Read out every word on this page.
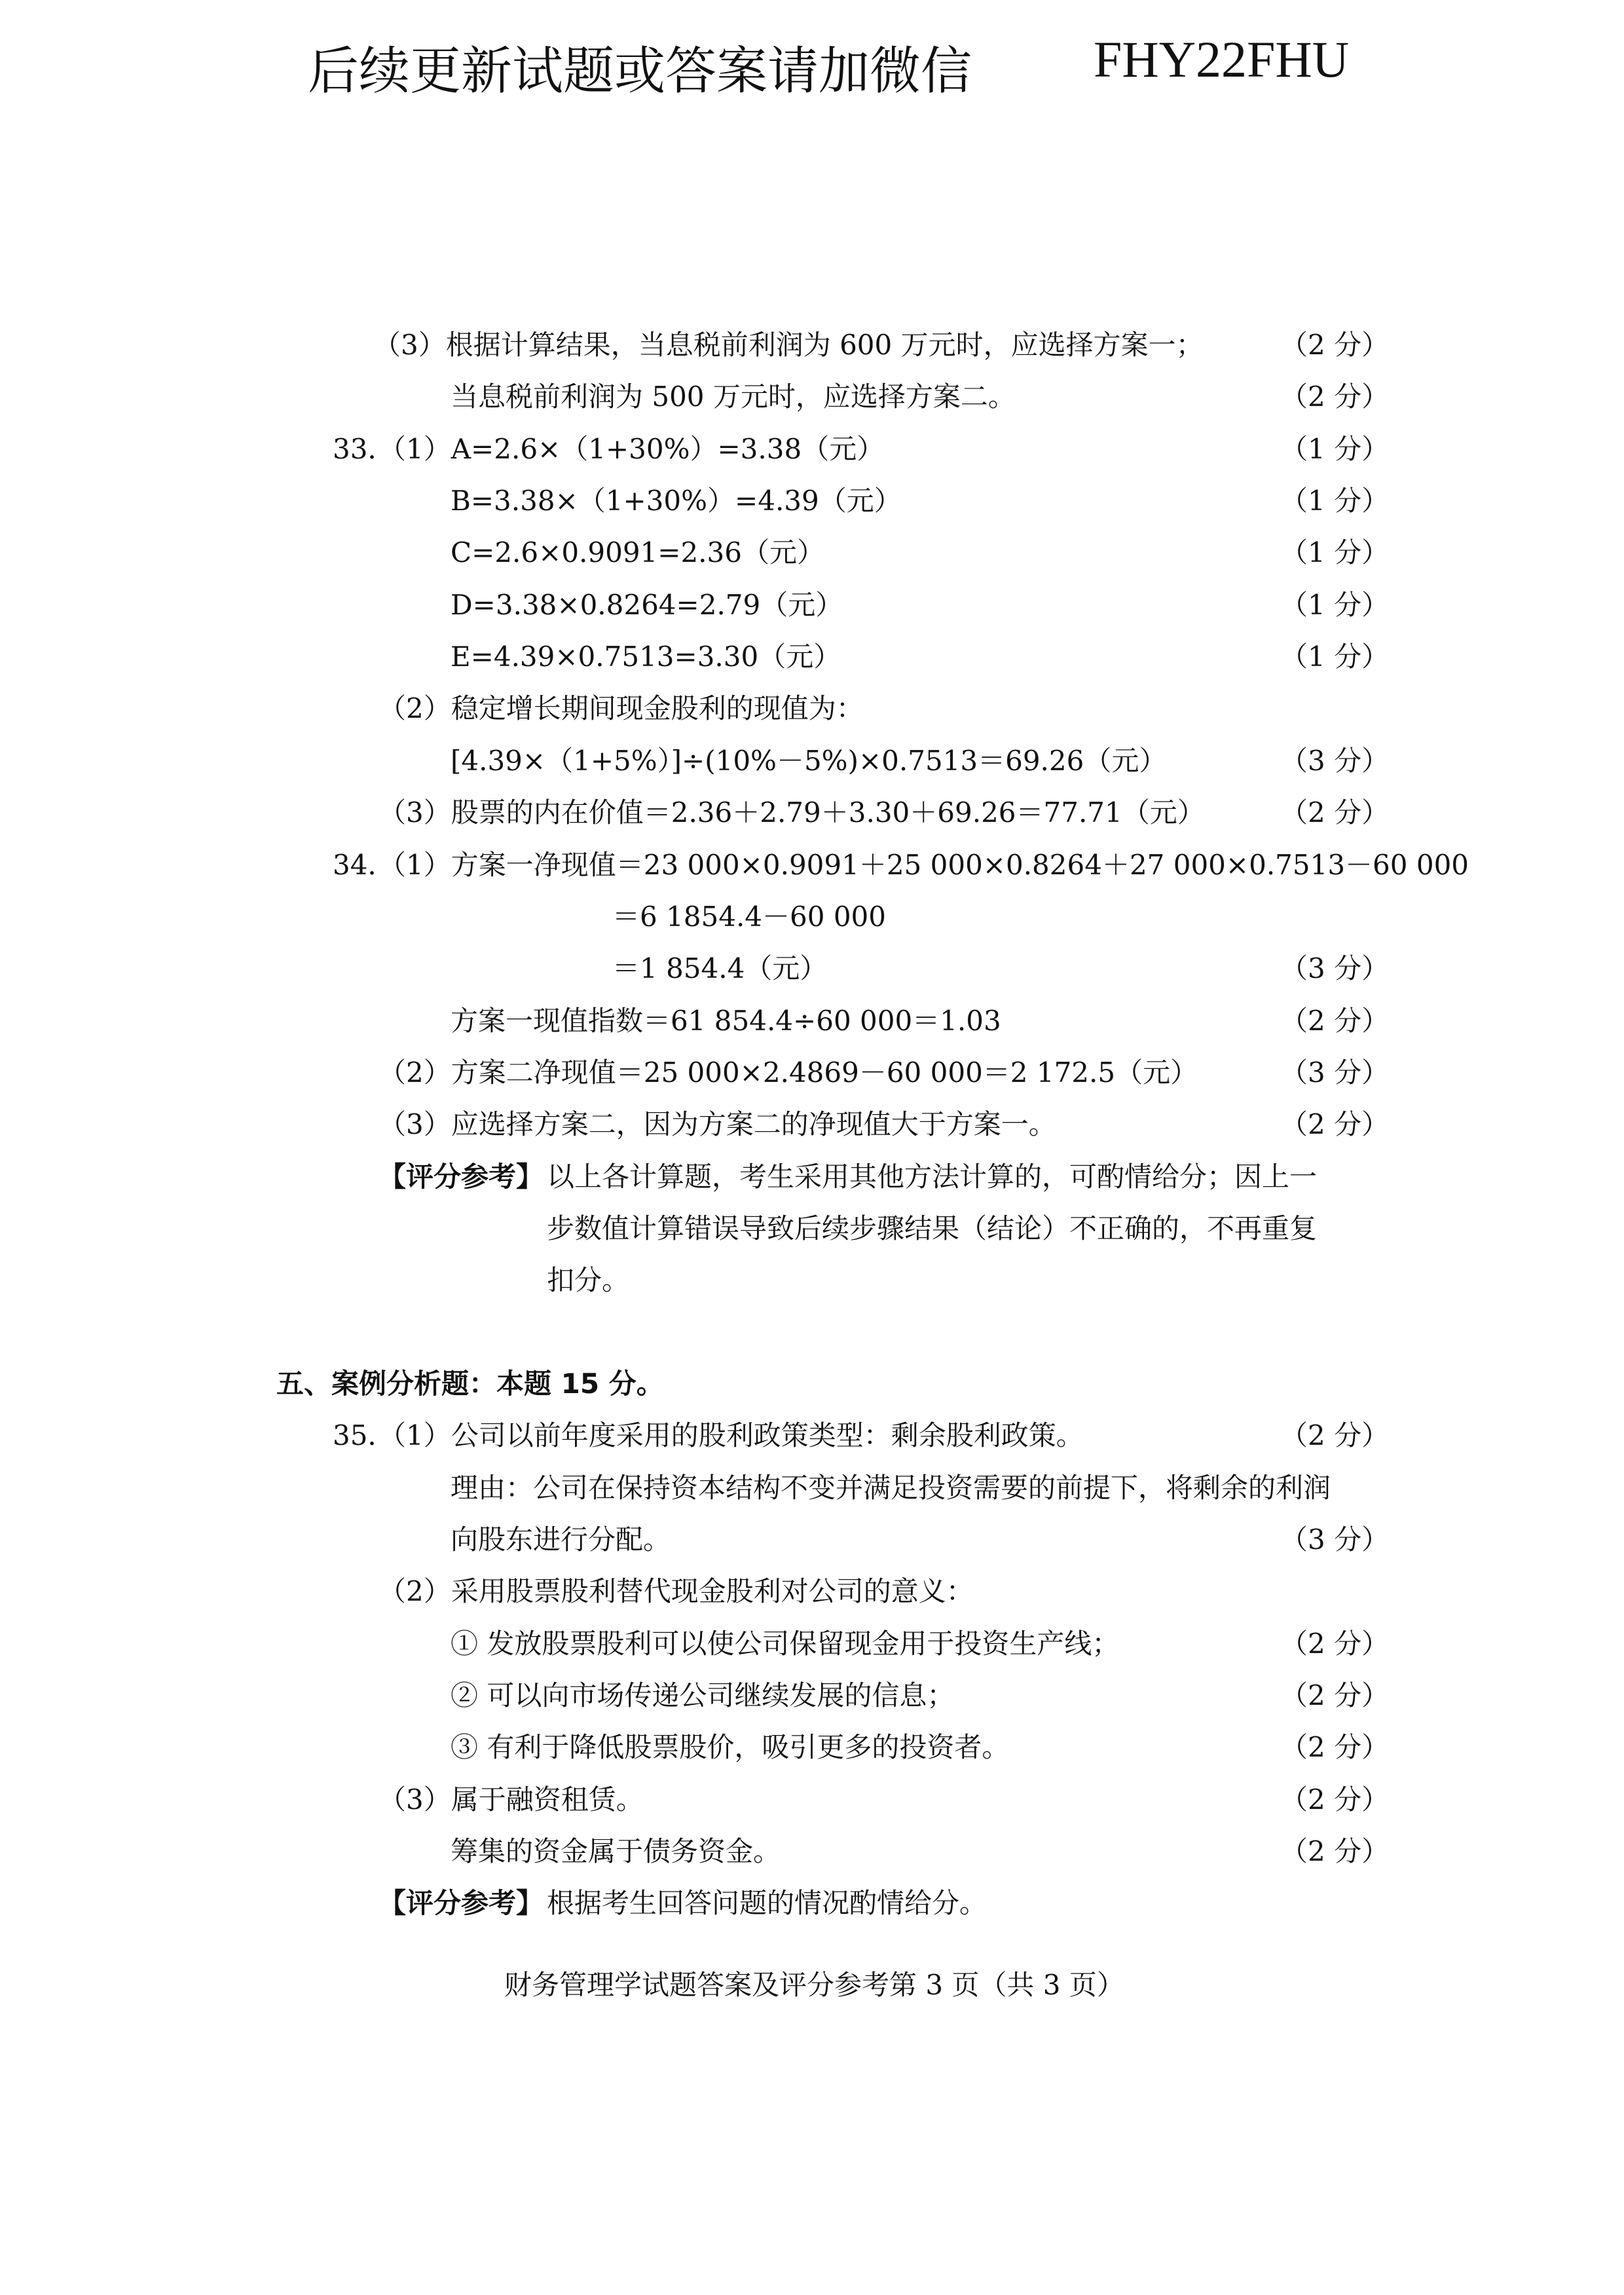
后续更新试题或答案请加微信 FHY22FHU
（3）根据计算结果，当息税前利润为 600 万元时，应选择方案一；	（2 分）
当息税前利润为 500 万元时，应选择方案二。	（2 分）
33．
（1）A=2.6×（1+30%）=3.38（元）	（1 分）
B=3.38×（1+30%）=4.39（元）	（1 分）
C=2.6×0.9091=2.36（元）	（1 分）
D=3.38×0.8264=2.79（元）	（1 分）
E=4.39×0.7513=3.30（元）	（1 分）
（2）稳定增长期间现金股利的现值为：
[4.39×（1+5%）]÷(10%－5%)×0.7513＝69.26（元）	（3 分）
（3）股票的内在价值＝2.36＋2.79＋3.30＋69.26＝77.71（元）	（2 分）
34．
（1）方案一净现值＝23 000×0.9091＋25 000×0.8264＋27 000×0.7513－60 000
＝6 1854.4－60 000
＝1 854.4（元）	（3 分）
方案一现值指数＝61 854.4÷60 000＝1.03	（2 分）
（2）方案二净现值＝25 000×2.4869－60 000＝2 172.5（元）	（3 分）
（3）应选择方案二，因为方案二的净现值大于方案一。	（2 分）
【评分参考】 以上各计算题，考生采用其他方法计算的，可酌情给分；因上一
步数值计算错误导致后续步骤结果（结论）不正确的，不再重复
扣分。
五、案例分析题：本题 15 分。
35．
（1）公司以前年度采用的股利政策类型：剩余股利政策。	（2 分）
理由：公司在保持资本结构不变并满足投资需要的前提下，将剩余的利润
向股东进行分配。	（3 分）
（2）采用股票股利替代现金股利对公司的意义：
① 发放股票股利可以使公司保留现金用于投资生产线；	（2 分）
② 可以向市场传递公司继续发展的信息；	（2 分）
③ 有利于降低股票股价，吸引更多的投资者。	（2 分）
（3）属于融资租赁。	（2 分）
筹集的资金属于债务资金。	（2 分）
【评分参考】 根据考生回答问题的情况酌情给分。
财务管理学试题答案及评分参考第 3 页（共 3 页）
